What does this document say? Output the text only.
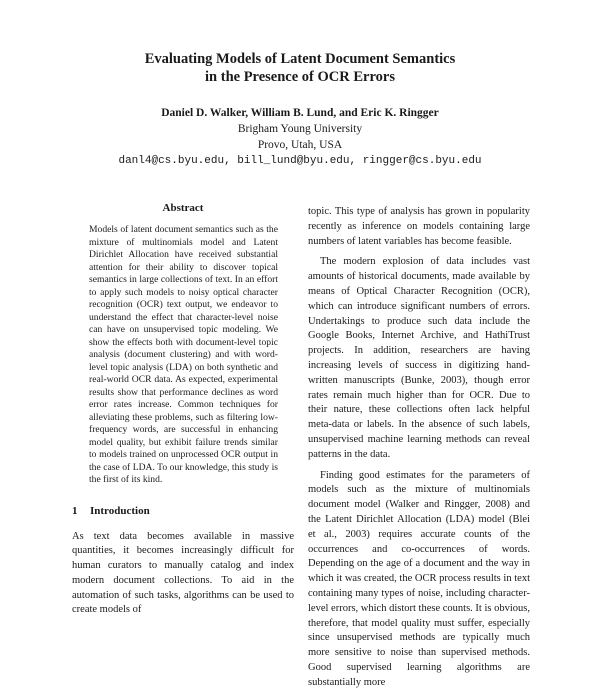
Evaluating Models of Latent Document Semantics
in the Presence of OCR Errors
Daniel D. Walker, William B. Lund, and Eric K. Ringger
Brigham Young University
Provo, Utah, USA
danl4@cs.byu.edu, bill_lund@byu.edu, ringger@cs.byu.edu
Abstract

Models of latent document semantics such as the mixture of multinomials model and Latent Dirichlet Allocation have received substantial attention for their ability to discover topical semantics in large collections of text. In an effort to apply such models to noisy optical character recognition (OCR) text output, we endeavor to understand the effect that character-level noise can have on unsupervised topic modeling. We show the effects both with document-level topic analysis (document clustering) and with word-level topic analysis (LDA) on both synthetic and real-world OCR data. As expected, experimental results show that performance declines as word error rates increase. Common techniques for alleviating these problems, such as filtering low-frequency words, are successful in enhancing model quality, but exhibit failure trends similar to models trained on unprocessed OCR output in the case of LDA. To our knowledge, this study is the first of its kind.

1 Introduction

As text data becomes available in massive quantities, it becomes increasingly difficult for human curators to manually catalog and index modern document collections. To aid in the automation of such tasks, algorithms can be used to create models of

topic. This type of analysis has grown in popularity recently as inference on models containing large numbers of latent variables has become feasible.

The modern explosion of data includes vast amounts of historical documents, made available by means of Optical Character Recognition (OCR), which can introduce significant numbers of errors. Undertakings to produce such data include the Google Books, Internet Archive, and HathiTrust projects. In addition, researchers are having increasing levels of success in digitizing hand-written manuscripts (Bunke, 2003), though error rates remain much higher than for OCR. Due to their nature, these collections often lack helpful meta-data or labels. In the absence of such labels, unsupervised machine learning methods can reveal patterns in the data.

Finding good estimates for the parameters of models such as the mixture of multinomials document model (Walker and Ringger, 2008) and the Latent Dirichlet Allocation (LDA) model (Blei et al., 2003) requires accurate counts of the occurrences and co-occurrences of words. Depending on the age of a document and the way in which it was created, the OCR process results in text containing many types of noise, including character-level errors, which distort these counts. It is obvious, therefore, that model quality must suffer, especially since unsupervised methods are typically much more sensitive to noise than supervised methods. Good supervised learning algorithms are substantially more
